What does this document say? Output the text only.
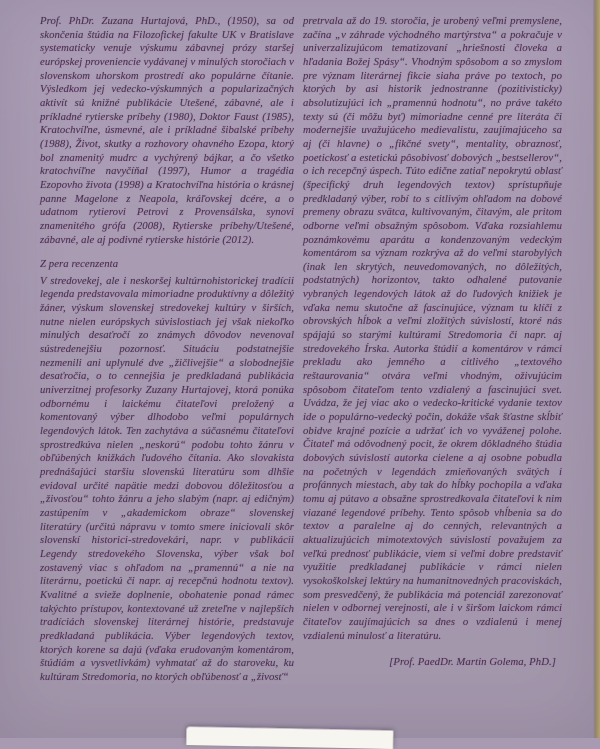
Prof. PhDr. Zuzana Hurtajová, PhD., (1950), sa od skončenia štúdia na Filozofickej fakulte UK v Bratislave systematicky venuje výskumu zábavnej prózy staršej európskej proveniencie vydávanej v minulých storočiach v slovenskom uhorskom prostredí ako populárne čítanie. Výsledkom jej vedecko-výskumných a popularizačných aktivít sú knižné publikácie Utešené, zábavné, ale i príkladné rytierske príbehy (1980), Doktor Faust (1985), Kratochvíľne, úsmevné, ale i príkladné šibalské príbehy (1988), Život, skutky a rozhovory ohavného Ezopa, ktorý bol znamenitý mudrc a vychýrený bájkar, a čo všetko kratochvíľne navyčíňal (1997), Humor a tragédia Ezopovho života (1998) a Kratochvíľna história o krásnej panne Magelone z Neapola, kráľovskej dcére, a o udatnom rytierovi Petrovi z Provensálska, synovi znamenitého grófa (2008), Rytierske príbehy/Utešené, zábavné, ale aj podivné rytierske histórie (2012).

Z pera recenzenta

V stredovekej, ale i neskoršej kultúrnohistorickej tradícii legenda predstavovala mimoriadne produktívny a dôležitý žáner, výskum slovenskej stredovekej kultúry v širších, nutne nielen európskych súvislostiach jej však niekoľko minulých desaťročí zo známych dôvodov nevenoval sústredenejšiu pozornosť. Situáciu podstatnejšie nezmenili ani uplynulé dve „žičlivejšie“ a slobodnejšie desaťročia, o to cennejšia je predkladaná publikácia univerzitnej profesorky Zuzany Hurtajovej, ktorá ponúka odbornému i laickému čitateľovi preložený a komentovaný výber dlhodobo veľmi populárnych legendových látok. Ten zachytáva a súčasnému čitateľovi sprostredkúva nielen „neskorú“ podobu tohto žánru v obľúbených knižkách ľudového čítania. Ako slovakista prednášajúci staršiu slovenskú literatúru som dlhšie evidoval určité napätie medzi dobovou dôležitosťou a „živosťou“ tohto žánru a jeho slabým (napr. aj edičným) zastúpením v „akademickom obraze“ slovenskej literatúry (určitú nápravu v tomto smere iniciovali skôr slovenskí historici-stredovekári, napr. v publikácii Legendy stredovekého Slovenska, výber však bol zostavený viac s ohľadom na „pramennú“ a nie na literárnu, poetickú či napr. aj recepčnú hodnotu textov). Kvalitné a svieže doplnenie, obohatenie ponad rámec takýchto prístupov, kontextované už zreteľne v najlepších tradíciách slovenskej literárnej histórie, predstavuje predkladaná publikácia. Výber legendových textov, ktorých korene sa dajú (vďaka erudovaným komentárom, štúdiám a vysvetlivkám) vyhmatať až do staroveku, ku kultúram Stredomoria, no ktorých obľúbenosť a „živosť“

pretrvala až do 19. storočia, je urobený veľmi premyslene, začína „v záhrade východného martýrstva“ a pokračuje v univerzalizujúcom tematizovaní „hriešnosti človeka a hľadania Božej Spásy“. Vhodným spôsobom a so zmyslom pre význam literárnej fikcie siaha práve po textoch, po ktorých by asi historik jednostranne (pozitivisticky) absolutizujúci ich „pramennú hodnotu“, no práve takéto texty sú (či môžu byť) mimoriadne cenné pre literáta či modernejšie uvažujúceho medievalistu, zaujímajúceho sa aj (či hlavne) o „fikčné svety“, mentality, obraznosť, poetickosť a estetickú pôsobivosť dobových „bestsellerov“, o ich recepčný úspech. Túto edične zatiaľ nepokrytú oblasť (špecifický druh legendových textov) sprístupňuje predkladaný výber, robí to s citlivým ohľadom na dobové premeny obrazu svätca, kultivovaným, čitavým, ale pritom odborne veľmi obsažným spôsobom. Vďaka rozsiahlemu poznámkovému aparátu a kondenzovaným vedeckým komentárom sa význam rozkrýva až do veľmi starobylých (inak len skrytých, neuvedomovaných, no dôležitých, podstatných) horizontov, takto odhalené putovanie vybraných legendových látok až do ľudových knižiek je vďaka nemu skutočne až fascinujúce, význam tu klíči z obrovských hĺbok a veľmi zložitých súvislostí, ktoré nás spájajú so starými kultúrami Stredomoria či napr. aj stredovekého Írska. Autorka štúdií a komentárov v rámci prekladu ako jemného a citlivého „textového reštaurovania“ otvára veľmi vhodným, oživujúcim spôsobom čitateľom tento vzdialený a fascinujúci svet. Uvádza, že jej viac ako o vedecko-kritické vydanie textov ide o populárno-vedecký počin, dokáže však šťastne skĺbiť obidve krajné pozície a udržať ich vo vyváženej polohe. Čitateľ má odôvodnený pocit, že okrem dôkladného štúdia dobových súvislostí autorka cielene a aj osobne pobudla na početných v legendách zmieňovaných svätých i profánnych miestach, aby tak do hĺbky pochopila a vďaka tomu aj pútavo a obsažne sprostredkovala čitateľovi k nim viazané legendové príbehy. Tento spôsob vhĺbenia sa do textov a paralelne aj do cenných, relevantných a aktualizujúcich mimotextových súvislostí považujem za veľkú prednosť publikácie, viem si veľmi dobre predstaviť využitie predkladanej publikácie v rámci nielen vysokoškolskej lektúry na humanitnovedných pracoviskách, som presvedčený, že publikácia má potenciál zarezonovať nielen v odbornej verejnosti, ale i v širšom laickom rámci čitateľov zaujímajúcich sa dnes o vzdialenú i menej vzdialenú minulosť a literatúru.

[Prof. PaedDr. Martin Golema, PhD.]
